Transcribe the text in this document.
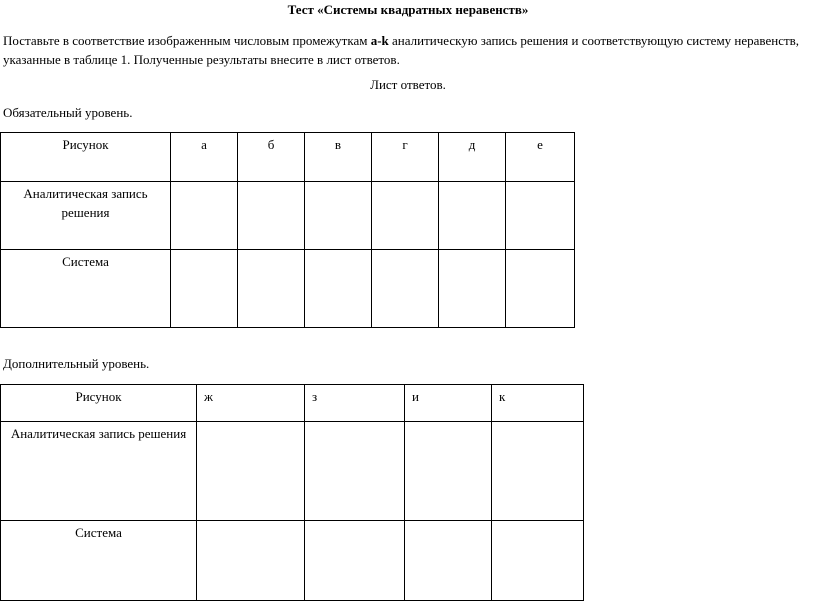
Тест «Системы квадратных неравенств»
Поставьте в соответствие изображенным числовым промежуткам a-k аналитическую запись решения и соответствующую систему неравенств, указанные в таблице 1. Полученные результаты внесите в лист ответов.
Лист ответов.
Обязательный уровень.
Рисунок	а	б	в	г	д	е

Аналитическая запись решения						

Система						

Дополнительный уровень.
Рисунок	ж	з	и	к

Аналитическая запись решения				

Система				
